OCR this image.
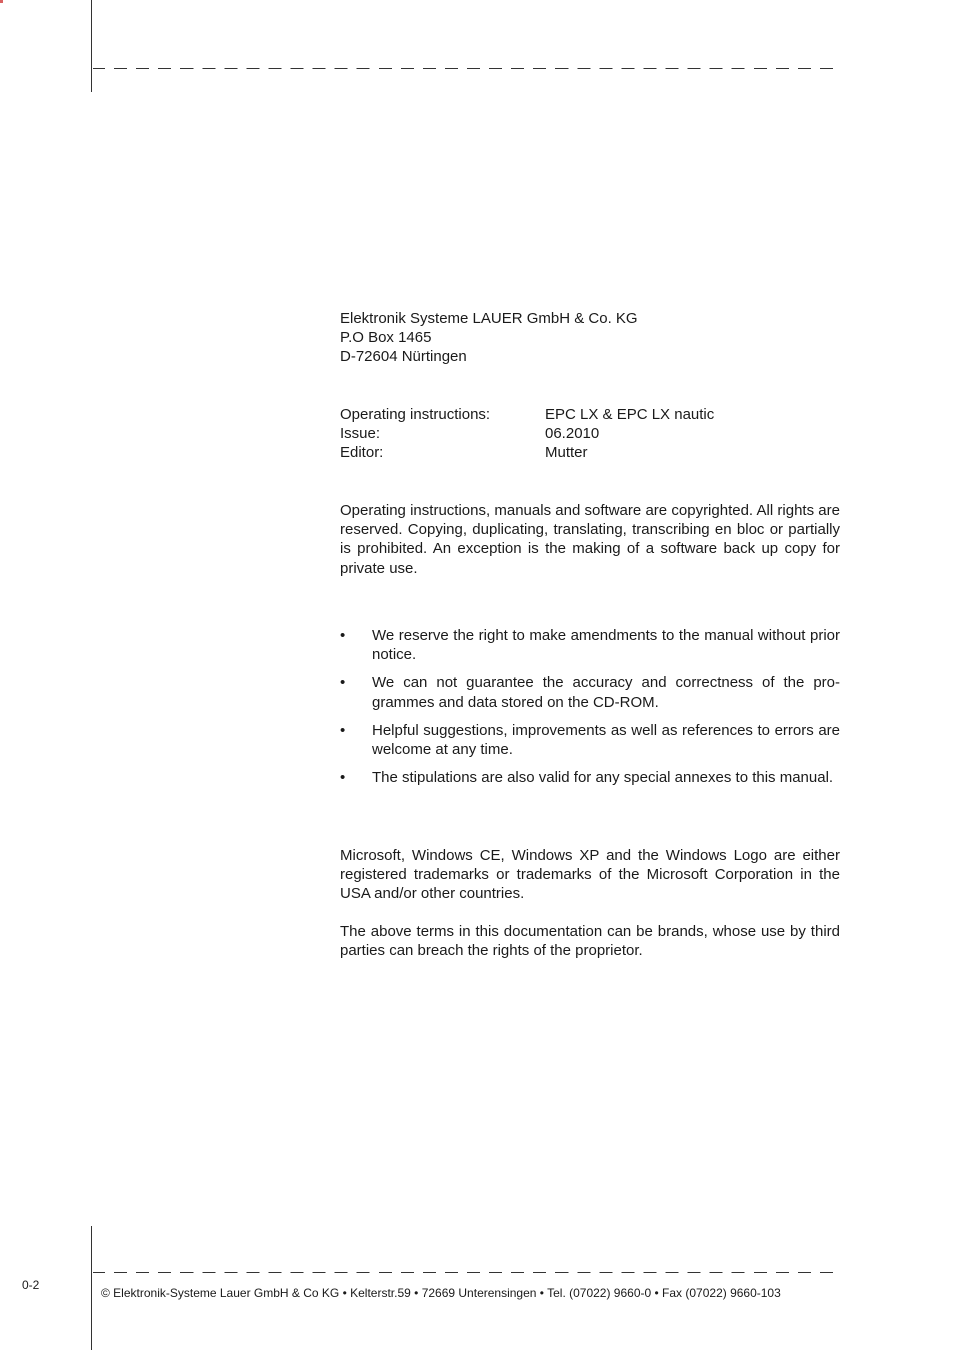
Elektronik Systeme LAUER GmbH & Co. KG
P.O Box 1465
D-72604 Nürtingen
Operating instructions:	EPC LX & EPC LX nautic
Issue:	06.2010
Editor:	Mutter
Operating instructions, manuals and software are copyrighted. All rights are reserved. Copying, duplicating, translating, transcribing en bloc or partially is prohibited. An exception is the making of a software back up copy for private use.
•	We reserve the right to make amendments to the manual without prior notice.
•	We can not guarantee the accuracy and correctness of the pro-grammes and data stored on the CD-ROM.
•	Helpful suggestions, improvements as well as references to errors are welcome at any time.
•	The stipulations are also valid for any special annexes to this manual.
Microsoft, Windows CE, Windows XP and the Windows Logo are either registered trademarks or trademarks of the Microsoft Corporation in the USA and/or other countries.
The above terms in this documentation can be brands, whose use by third parties can breach the rights of the proprietor.
0-2
© Elektronik-Systeme Lauer GmbH & Co KG • Kelterstr.59 • 72669 Unterensingen • Tel. (07022) 9660-0 • Fax (07022) 9660-103
